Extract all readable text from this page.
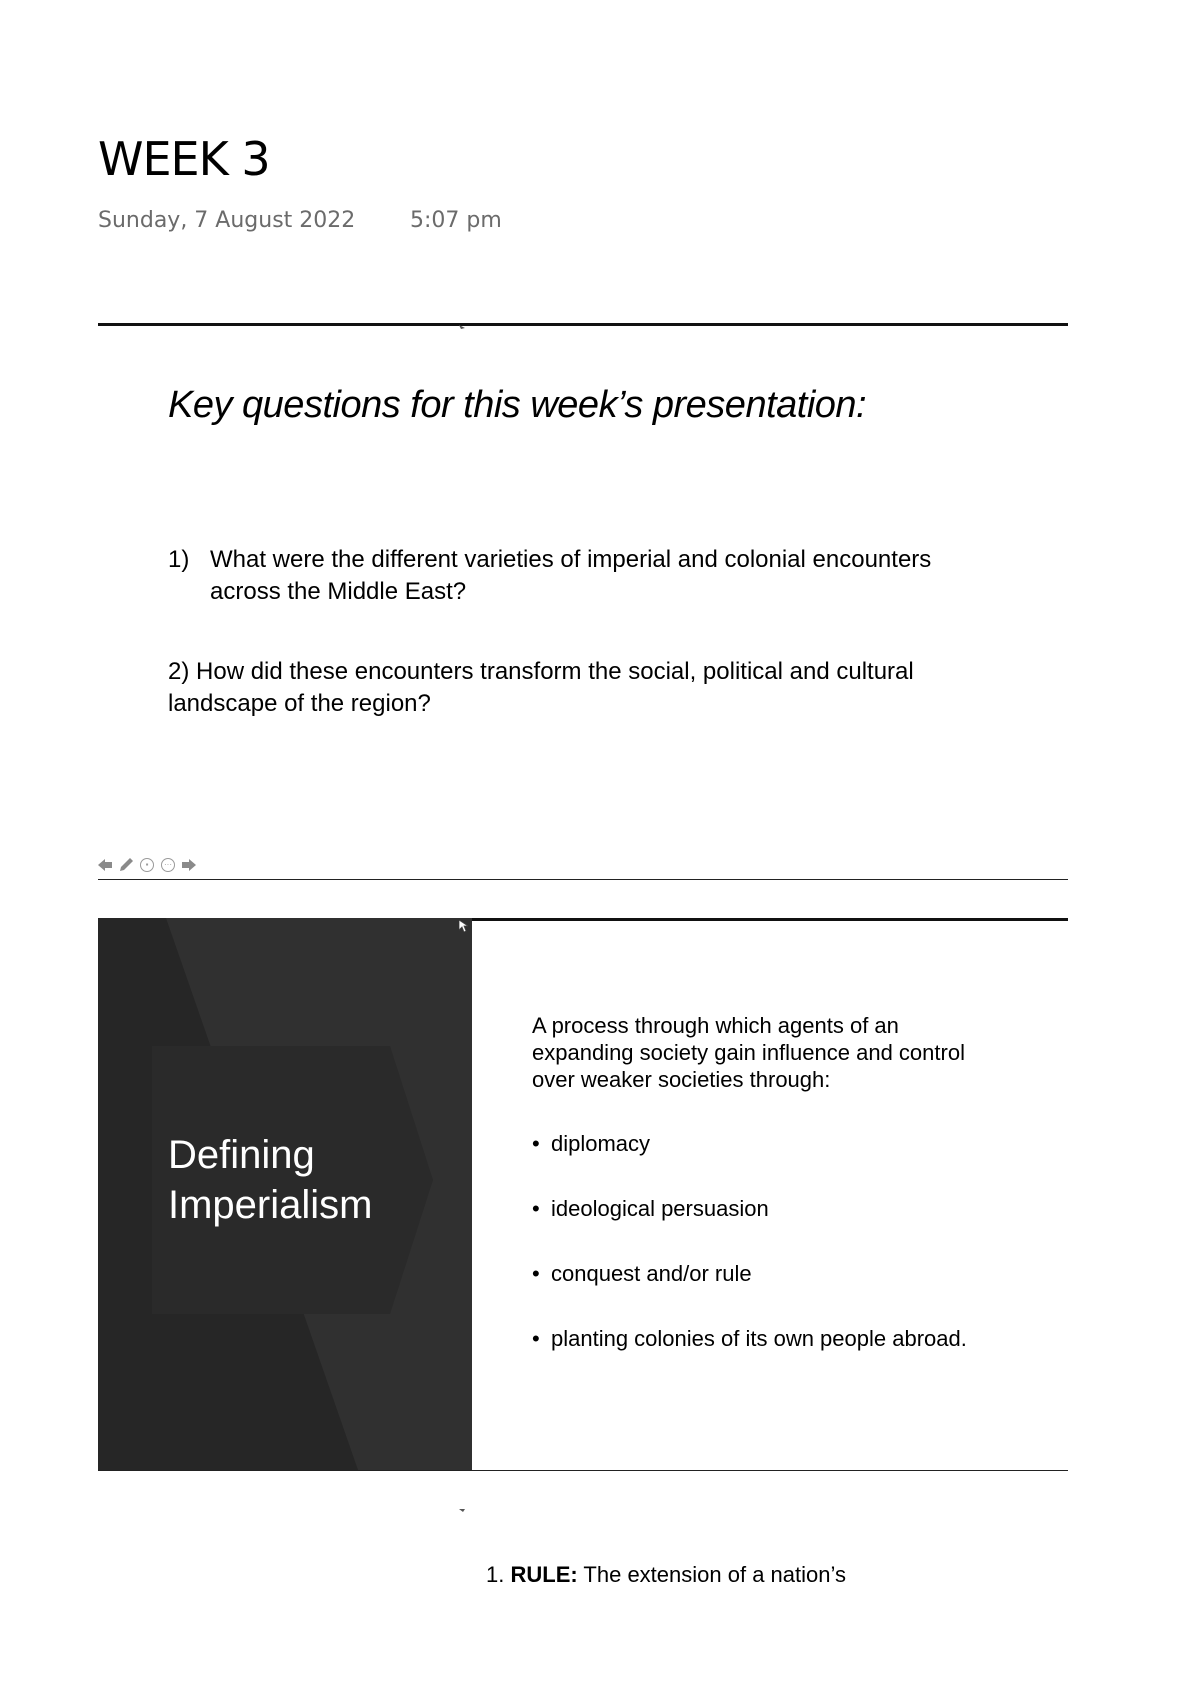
WEEK 3
Sunday, 7 August 2022 5:07 pm
Key questions for this week’s presentation:
1) What were the different varieties of imperial and colonial encounters across the Middle East?
2) How did these encounters transform the social, political and cultural landscape of the region?
▪	···
Defining
Imperialism
A process through which agents of an expanding society gain influence and control over weaker societies through:
• diplomacy
• ideological persuasion
• conquest and/or rule
• planting colonies of its own people abroad.
1. RULE: The extension of a nation’s
